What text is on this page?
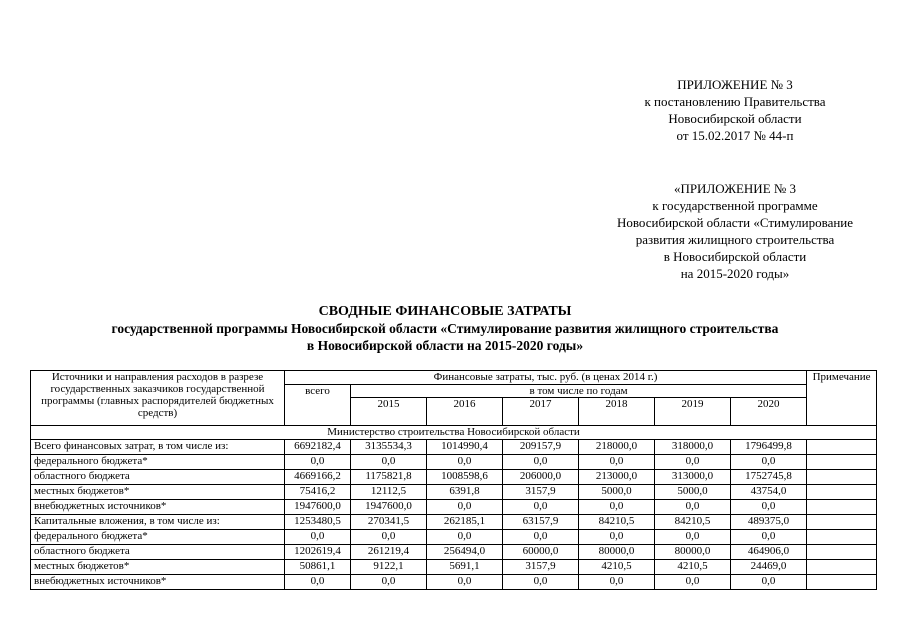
ПРИЛОЖЕНИЕ № 3
к постановлению Правительства
Новосибирской области
от 15.02.2017 № 44-п
«ПРИЛОЖЕНИЕ № 3
к государственной программе
Новосибирской области «Стимулирование
развития жилищного строительства
в Новосибирской области
на 2015-2020 годы»
СВОДНЫЕ ФИНАНСОВЫЕ ЗАТРАТЫ
государственной программы Новосибирской области «Стимулирование развития жилищного строительства
в Новосибирской области на 2015-2020 годы»
Источники и направления расходов в разрезе государственных заказчиков государственной программы (главных распорядителей бюджетных средств)	Финансовые затраты, тыс. руб. (в ценах 2014 г.)							Примечание
	всего	в том числе по годам						
		2015	2016	2017	2018	2019	2020	
Министерство строительства Новосибирской области								
Всего финансовых затрат, в том числе из:	6692182,4	3135534,3	1014990,4	209157,9	218000,0	318000,0	1796499,8	
федерального бюджета*	0,0	0,0	0,0	0,0	0,0	0,0	0,0	
областного бюджета	4669166,2	1175821,8	1008598,6	206000,0	213000,0	313000,0	1752745,8	
местных бюджетов*	75416,2	12112,5	6391,8	3157,9	5000,0	5000,0	43754,0	
внебюджетных источников*	1947600,0	1947600,0	0,0	0,0	0,0	0,0	0,0	
Капитальные вложения, в том числе из:	1253480,5	270341,5	262185,1	63157,9	84210,5	84210,5	489375,0	
федерального бюджета*	0,0	0,0	0,0	0,0	0,0	0,0	0,0	
областного бюджета	1202619,4	261219,4	256494,0	60000,0	80000,0	80000,0	464906,0	
местных бюджетов*	50861,1	9122,1	5691,1	3157,9	4210,5	4210,5	24469,0	
внебюджетных источников*	0,0	0,0	0,0	0,0	0,0	0,0	0,0	
